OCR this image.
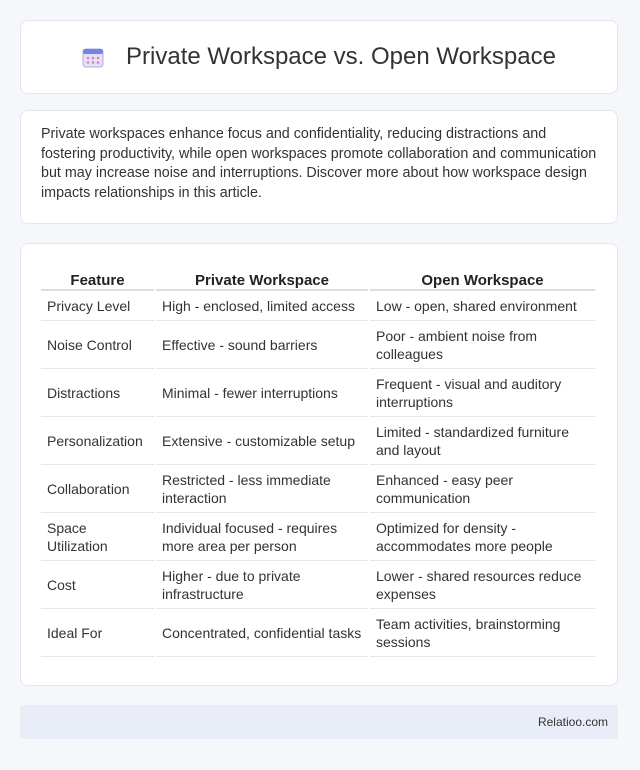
Private Workspace vs. Open Workspace

Private workspaces enhance focus and confidentiality, reducing distractions and fostering productivity, while open workspaces promote collaboration and communication but may increase noise and interruptions. Discover more about how workspace design impacts relationships in this article.

Feature	Private Workspace	Open Workspace
Privacy Level	High - enclosed, limited access	Low - open, shared environment
Noise Control	Effective - sound barriers	Poor - ambient noise from colleagues
Distractions	Minimal - fewer interruptions	Frequent - visual and auditory interruptions
Personalization	Extensive - customizable setup	Limited - standardized furniture and layout
Collaboration	Restricted - less immediate interaction	Enhanced - easy peer communication
Space Utilization	Individual focused - requires more area per person	Optimized for density - accommodates more people
Cost	Higher - due to private infrastructure	Lower - shared resources reduce expenses
Ideal For	Concentrated, confidential tasks	Team activities, brainstorming sessions
Relatioo.com
